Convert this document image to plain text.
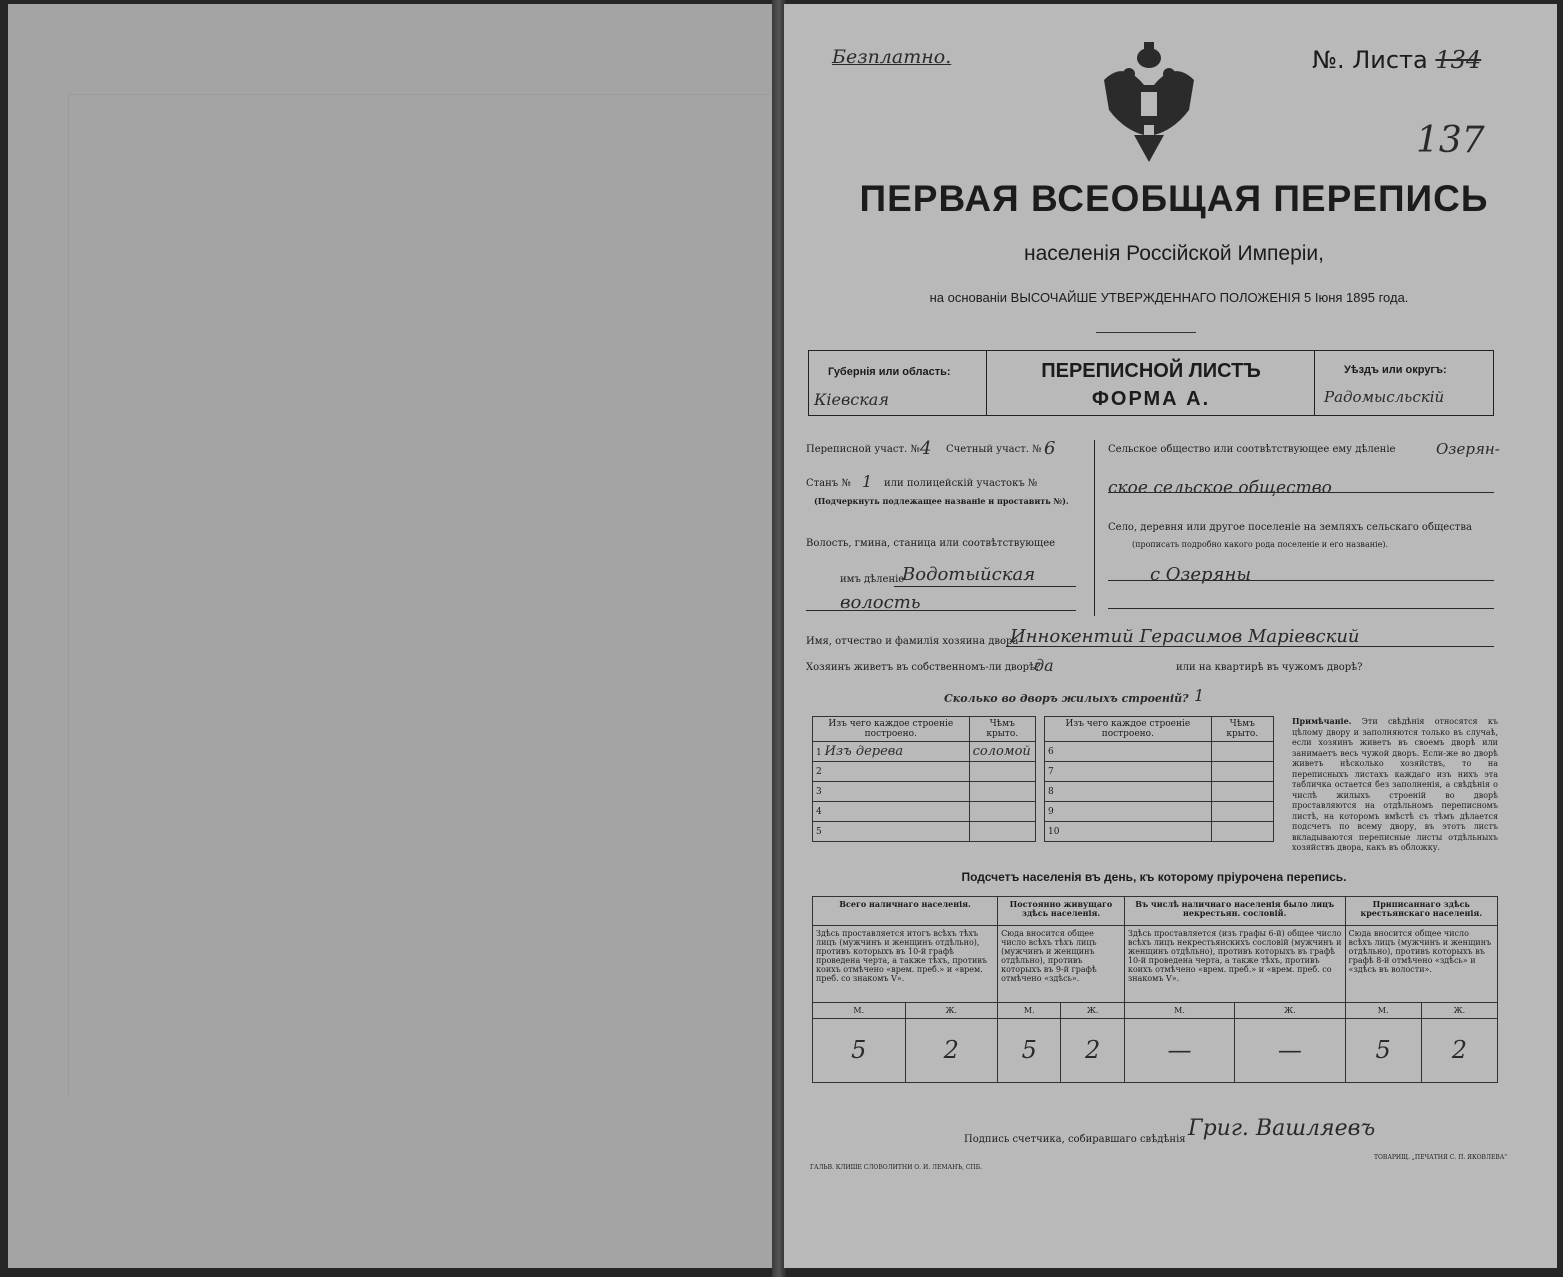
Безплатно.	№. Листа 134
137
ПЕРВАЯ ВСЕОБЩАЯ ПЕРЕПИСЬ
населенія Россійской Имперіи,
на основаніи ВЫСОЧАЙШЕ УТВЕРЖДЕННАГО ПОЛОЖЕНІЯ 5 Іюня 1895 года.
Губернія или область:
Кіевская
ПЕРЕПИСНОЙ ЛИСТЪ
ФОРМА А.
Уѣздъ или округъ:
Радомысльскій
Переписной участ. № 4 Счетный участ. № 6
Станъ № 1 или полицейскій участокъ №
(Подчеркнуть подлежащее названіе и проставить №).
Волость, гмина, станица или соотвѣтствующее
имъ дѣленіе
Водотыйская
волость
Сельское общество или соотвѣтствующее ему дѣленіе	Озерян-
ское сельское общество
Село, деревня или другое поселеніе на земляхъ сельскаго общества
(прописать подробно какого рода поселеніе и его названіе).
с Озеряны
Имя, отчество и фамилія хозяина двора
Иннокентий Герасимов Марiевский
Хозяинъ живетъ въ собственномъ-ли дворѣ?
да	или на квартирѣ въ чужомъ дворѣ?
Сколько во дворъ жилыхъ строеній? 1
Изъ чего каждое строеніе построено.	Чѣмъ крыто.
1 Изъ дерева	соломой
2	
3	
4	
5	
Изъ чего каждое строеніе построено.	Чѣмъ крыто.
6	
7	
8	
9	
10	
Примѣчаніе. Эти свѣдѣнія относятся къ цѣлому двору и заполняются только въ случаѣ, если хозяинъ живетъ въ своемъ дворѣ или занимаетъ весь чужой дворъ. Если-же во дворѣ живетъ нѣсколько хозяйствъ, то на переписныхъ листахъ каждаго изъ нихъ эта табличка остается без заполненія, а свѣдѣнія о числѣ жилыхъ строеній во дворѣ проставляются на отдѣльномъ переписномъ листѣ, на которомъ вмѣстѣ съ тѣмъ дѣлается подсчетъ по всему двору, въ этотъ листъ вкладываются переписные листы отдѣльныхъ хозяйствъ двора, какъ въ обложку.
Подсчетъ населенія въ день, къ которому пріурочена перепись.
Всего наличнаго населенія.		Постоянно живущаго здѣсь населенія.		Въ числѣ наличнаго населенія было лицъ некрестьян. сословій.		Приписаннаго здѣсь крестьянскаго населенія.	
Здѣсь проставляется итогъ всѣхъ тѣхъ лицъ (мужчинъ и женщинъ отдѣльно), противъ которыхъ въ 10-й графѣ проведена черта, а также тѣхъ, противъ коихъ отмѣчено «врем. преб.» и «врем. преб. со знакомъ V».		Сюда вносится общее число всѣхъ тѣхъ лицъ (мужчинъ и женщинъ отдѣльно), противъ которыхъ въ 9-й графѣ отмѣчено «здѣсь».		Здѣсь проставляется (изъ графы 6-й) общее число всѣхъ лицъ некрестьянскихъ сословій (мужчинъ и женщинъ отдѣльно), противъ которыхъ въ графѣ 10-й проведена черта, а также тѣхъ, противъ коихъ отмѣчено «врем. преб.» и «врем. преб. со знакомъ V».		Сюда вносится общее число всѣхъ лицъ (мужчинъ и женщинъ отдѣльно), противъ которыхъ въ графѣ 8-й отмѣчено «здѣсь» и «здѣсь въ волости».	
М.	Ж.	М.	Ж.	М.	Ж.	М.	Ж.
5	2	5	2	—	—	5	2
Подпись счетчика, собиравшаго свѣдѣнія Григ. Вашляевъ
ГАЛЬВ. КЛИШЕ СЛОВОЛИТНИ О. И. ЛЕМАНЪ, СПБ.
ТОВАРИЩ. „ПЕЧАТНЯ С. П. ЯКОВЛЕВА"
